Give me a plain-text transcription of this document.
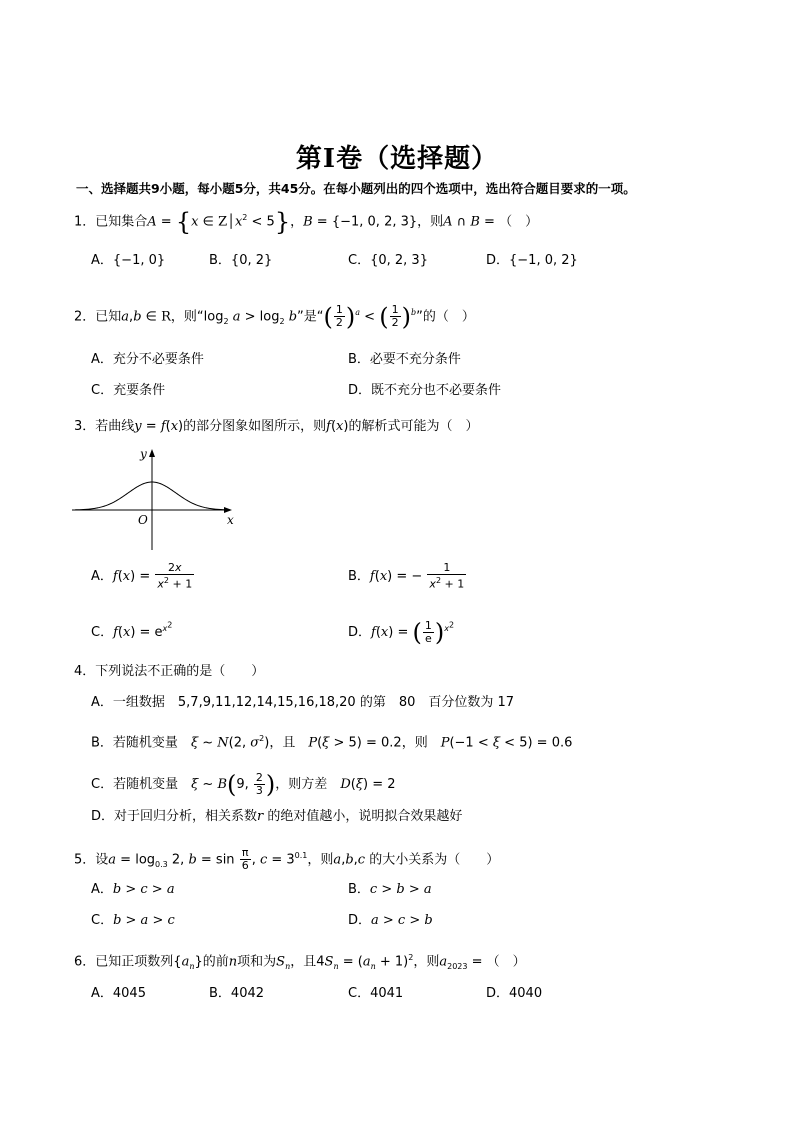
第Ⅰ卷（选择题）
一、选择题共9小题，每小题5分，共45分。在每小题列出的四个选项中，选出符合题目要求的一项。
1．已知集合A = {x ∈ $Z│x^2 < 5$}，B = {−1, 0, 2, 3}，则A ∩ B = （　）
A．{−1, 0}	B．{0, 2}	C．{0, 2, 3}	D．{−1, 0, 2}
2．已知a,b ∈ R，则“$\log_2$ $a > \log_2 b$”是“( $\frac{1}{2} )^a$ < ( $\frac{1}{2} )^b$”的（　）
A．充分不必要条件	B．必要不充分条件
C．充要条件	D．既不充分也不必要条件
3．若曲线y = f(x)的部分图象如图所示，则f(x)的解析式可能为（　）
y
x
O
A．$f(x) = \frac{2x}{x^2 + 1}$	B．f(x) = − $\frac{1}{x^2 + 1}$
C．$f(x) = e^{x^2}$
D．f(x) = ( $\frac{1}{e} )^{x^2}$
4．下列说法不正确的是（　　）
A．一组数据　5,7,9,11,12,14,15,16,18,20 的第　80　百分位数为 17
B．若随机变量　 ξ ~ N(2, $\sigma^2$)，且　 P(ξ > 5) = 0.2，则　 P(−1 < ξ < 5) = 0.6
C．若随机变量　 ξ ~ B(9, $\frac{2}{3}$ )，则方差　 D(ξ) = 2
D．对于回归分析，相关系数r 的绝对值越小，说明拟合效果越好
5．设$a = \log_{0.3} 2$, $b = \sin \frac{\pi}{6}$ , $c = 3^{0.1}$，则a,b,c 的大小关系为（　　）
A．b > c > a	B．c > b > a
C．b > a > c	D．a > c > b
6．已知正项数列$\{a_n\}$的前n项和为$S_n$，且$4S_n = (a_n + 1)^2$，则$a_{2023}$ = （　）
A．4045	B．4042	C．4041	D．4040
